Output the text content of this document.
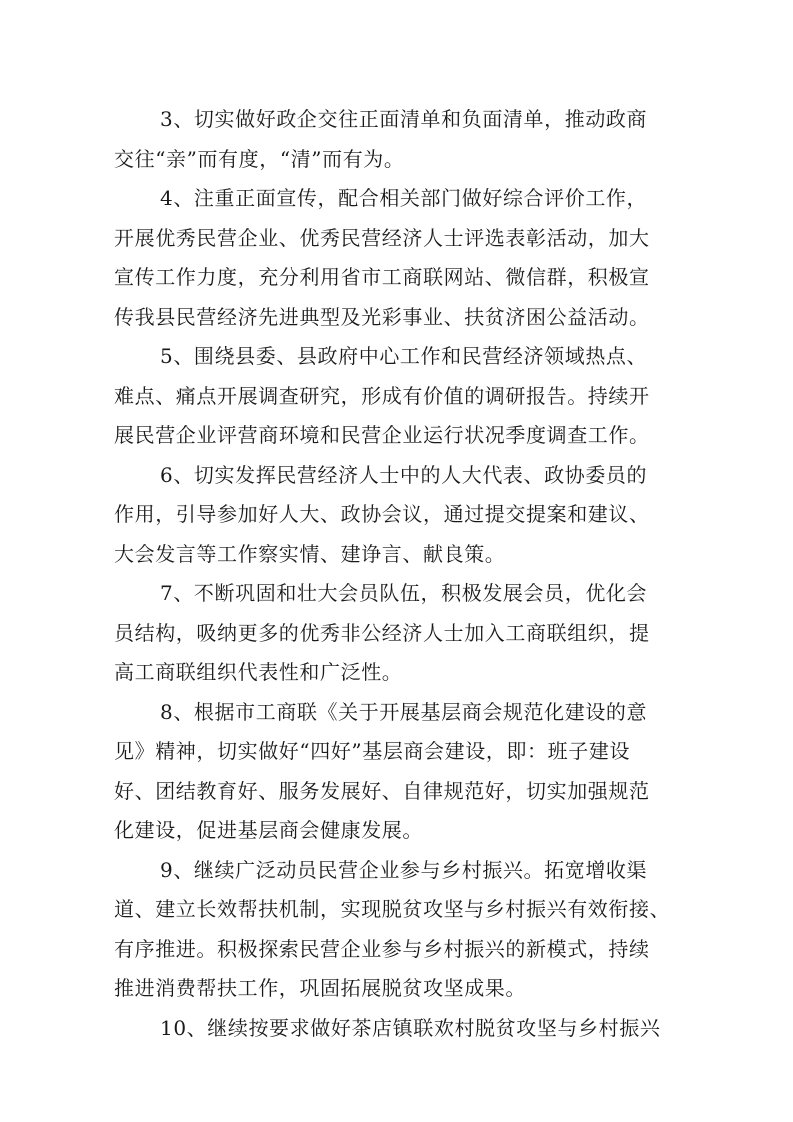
3、切实做好政企交往正面清单和负面清单，推动政商
交往“亲”而有度，“清”而有为。

4、注重正面宣传，配合相关部门做好综合评价工作，
开展优秀民营企业、优秀民营经济人士评选表彰活动，加大
宣传工作力度，充分利用省市工商联网站、微信群，积极宣
传我县民营经济先进典型及光彩事业、扶贫济困公益活动。

5、围绕县委、县政府中心工作和民营经济领域热点、
难点、痛点开展调查研究，形成有价值的调研报告。持续开
展民营企业评营商环境和民营企业运行状况季度调查工作。

6、切实发挥民营经济人士中的人大代表、政协委员的
作用，引导参加好人大、政协会议，通过提交提案和建议、
大会发言等工作察实情、建诤言、献良策。

7、不断巩固和壮大会员队伍，积极发展会员，优化会
员结构，吸纳更多的优秀非公经济人士加入工商联组织，提
高工商联组织代表性和广泛性。

8、根据市工商联《关于开展基层商会规范化建设的意
见》精神，切实做好“四好”基层商会建设，即：班子建设
好、团结教育好、服务发展好、自律规范好，切实加强规范
化建设，促进基层商会健康发展。

9、继续广泛动员民营企业参与乡村振兴。拓宽增收渠
道、建立长效帮扶机制，实现脱贫攻坚与乡村振兴有效衔接、
有序推进。积极探索民营企业参与乡村振兴的新模式，持续
推进消费帮扶工作，巩固拓展脱贫攻坚成果。

10、继续按要求做好茶店镇联欢村脱贫攻坚与乡村振兴
